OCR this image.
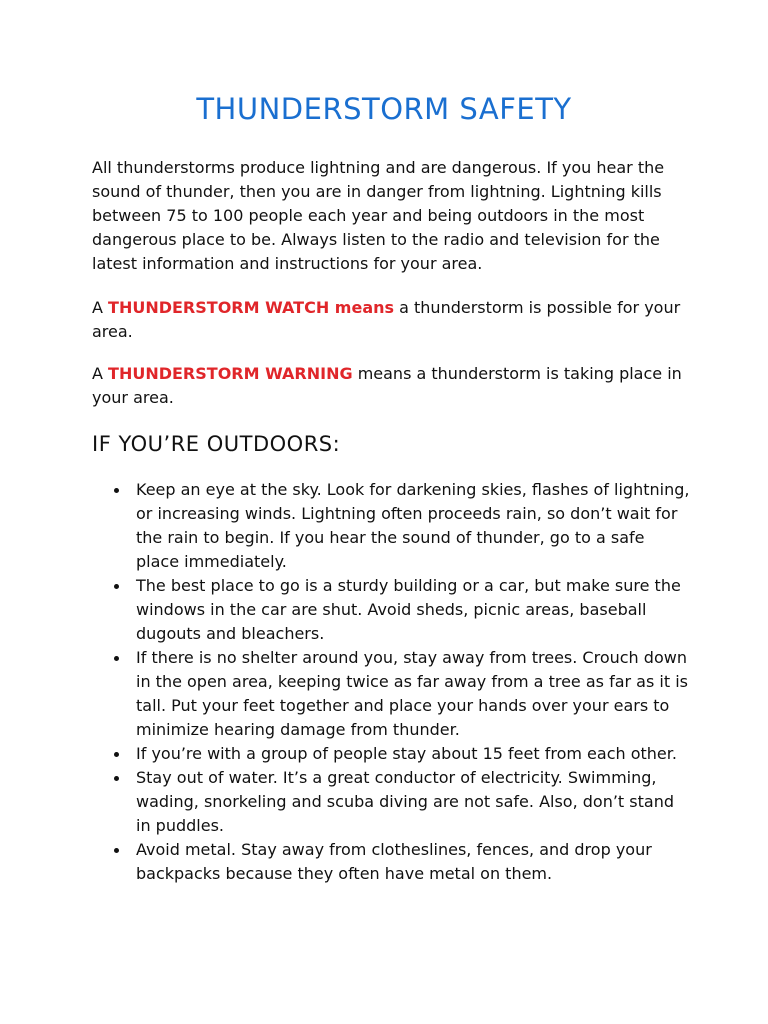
THUNDERSTORM SAFETY

All thunderstorms produce lightning and are dangerous. If you hear the sound of thunder, then you are in danger from lightning. Lightning kills between 75 to 100 people each year and being outdoors in the most dangerous place to be. Always listen to the radio and television for the latest information and instructions for your area.

A THUNDERSTORM WATCH means a thunderstorm is possible for your area.

A THUNDERSTORM WARNING means a thunderstorm is taking place in your area.

IF YOU’RE OUTDOORS:
Keep an eye at the sky. Look for darkening skies, flashes of lightning, or increasing winds. Lightning often proceeds rain, so don’t wait for the rain to begin. If you hear the sound of thunder, go to a safe place immediately.
The best place to go is a sturdy building or a car, but make sure the windows in the car are shut. Avoid sheds, picnic areas, baseball dugouts and bleachers.
If there is no shelter around you, stay away from trees. Crouch down in the open area, keeping twice as far away from a tree as far as it is tall. Put your feet together and place your hands over your ears to minimize hearing damage from thunder.
If you’re with a group of people stay about 15 feet from each other.
Stay out of water. It’s a great conductor of electricity. Swimming, wading, snorkeling and scuba diving are not safe. Also, don’t stand in puddles.
Avoid metal. Stay away from clotheslines, fences, and drop your backpacks because they often have metal on them.
